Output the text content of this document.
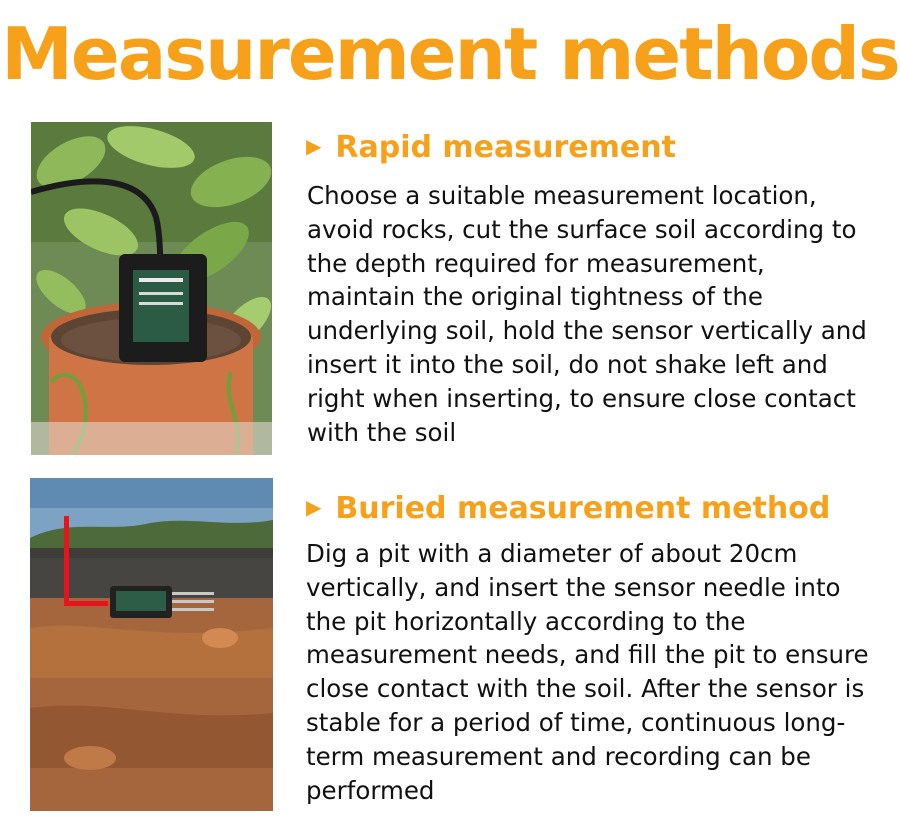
Measurement methods
▶ Rapid measurement
Choose a suitable measurement location, avoid rocks, cut the surface soil according to the depth required for measurement, maintain the original tightness of the underlying soil, hold the sensor vertically and insert it into the soil, do not shake left and right when inserting, to ensure close contact with the soil
▶ Buried measurement method
Dig a pit with a diameter of about 20cm vertically, and insert the sensor needle into the pit horizontally according to the measurement needs, and fill the pit to ensure close contact with the soil. After the sensor is stable for a period of time, continuous long-term measurement and recording can be performed
